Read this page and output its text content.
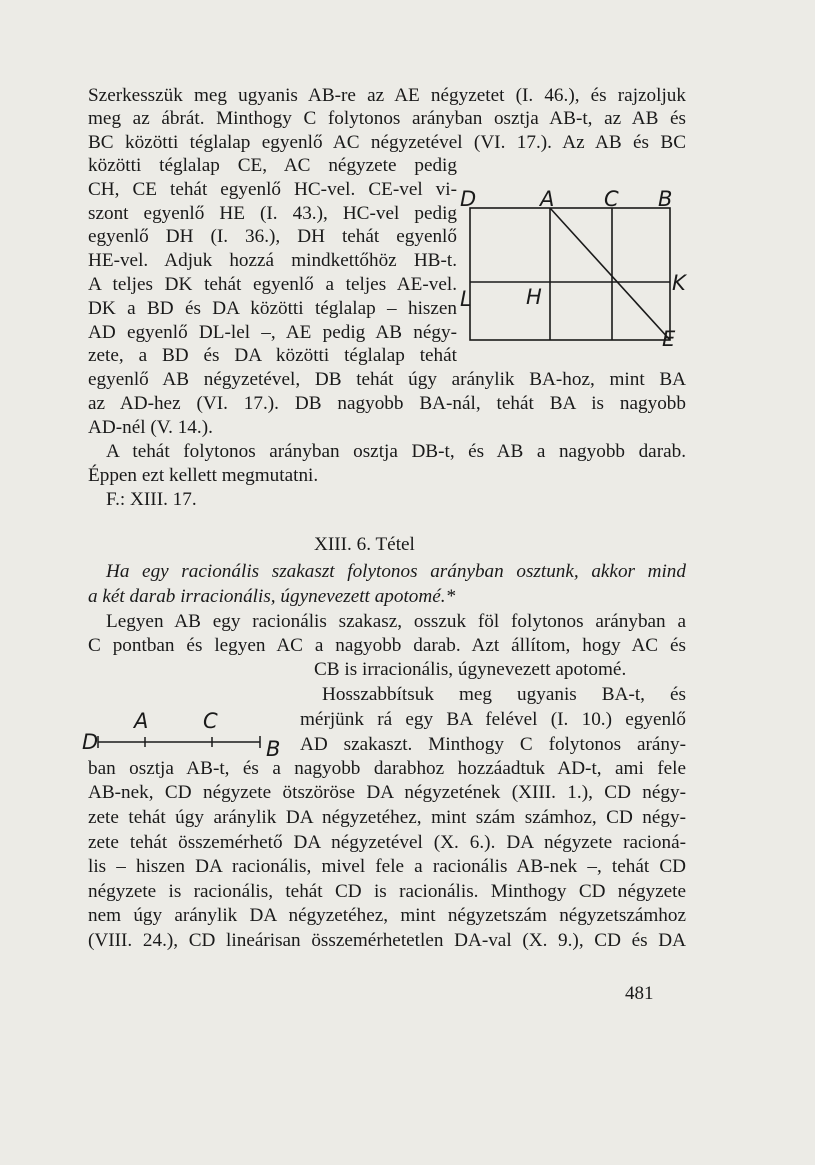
Szerkesszük meg ugyanis AB-re az AE négyzetet (I. 46.), és rajzoljuk
meg az ábrát. Minthogy C folytonos arányban osztja AB-t, az AB és
BC közötti téglalap egyenlő AC négyzetével (VI. 17.). Az AB és BC
közötti téglalap CE, AC négyzete pedig
CH, CE tehát egyenlő HC-vel. CE-vel vi-
szont egyenlő HE (I. 43.), HC-vel pedig
egyenlő DH (I. 36.), DH tehát egyenlő
HE-vel. Adjuk hozzá mindkettőhöz HB-t.
A teljes DK tehát egyenlő a teljes AE-vel.
DK a BD és DA közötti téglalap – hiszen
AD egyenlő DL-lel –, AE pedig AB négy-
zete, a BD és DA közötti téglalap tehát
egyenlő AB négyzetével, DB tehát úgy aránylik BA-hoz, mint BA
az AD-hez (VI. 17.). DB nagyobb BA-nál, tehát BA is nagyobb
AD-nél (V. 14.).
A tehát folytonos arányban osztja DB-t, és AB a nagyobb darab.
Éppen ezt kellett megmutatni.
F.: XIII. 17.
XIII. 6. Tétel
Ha egy racionális szakaszt folytonos arányban osztunk, akkor mind
a két darab irracionális, úgynevezett apotomé.*
Legyen AB egy racionális szakasz, osszuk föl folytonos arányban a
C pontban és legyen AC a nagyobb darab. Azt állítom, hogy AC és
CB is irracionális, úgynevezett apotomé.
Hosszabbítsuk meg ugyanis BA-t, és
mérjünk rá egy BA felével (I. 10.) egyenlő
AD szakaszt. Minthogy C folytonos arány-
ban osztja AB-t, és a nagyobb darabhoz hozzáadtuk AD-t, ami fele
AB-nek, CD négyzete ötszöröse DA négyzetének (XIII. 1.), CD négy-
zete tehát úgy aránylik DA négyzetéhez, mint szám számhoz, CD négy-
zete tehát összemérhető DA négyzetével (X. 6.). DA négyzete racioná-
lis – hiszen DA racionális, mivel fele a racionális AB-nek –, tehát CD
négyzete is racionális, tehát CD is racionális. Minthogy CD négyzete
nem úgy aránylik DA négyzetéhez, mint négyzetszám négyzetszámhoz
(VIII. 24.), CD lineárisan összemérhetetlen DA-val (X. 9.), CD és DA
481
D	A C B
K
L	H
E
D
A	C
B
